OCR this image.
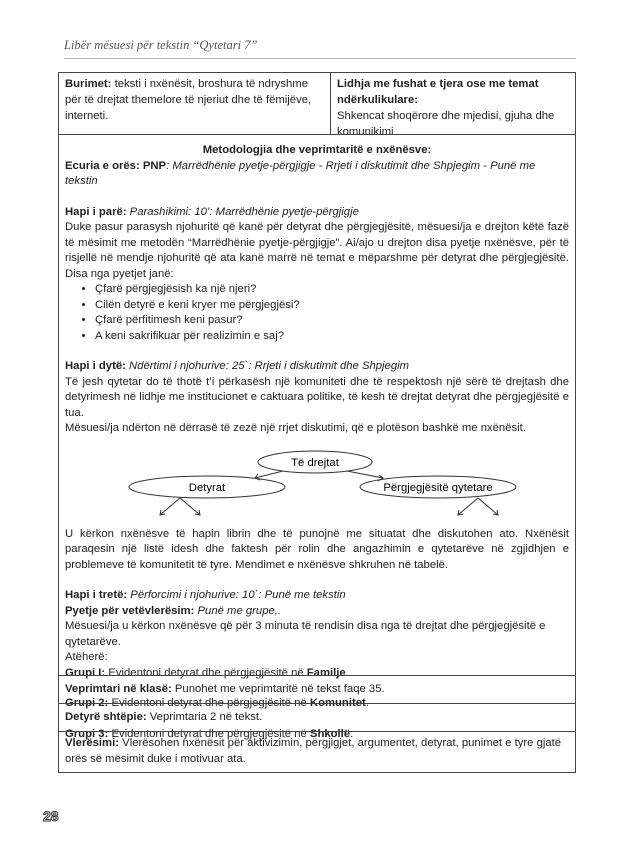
Libër mësuesi për tekstin “Qytetari 7”
Burimet: teksti i nxënësit, broshura të ndryshme për të drejtat themelore të njeriut dhe të fëmijëve, interneti.
Lidhja me fushat e tjera ose me temat ndërkulikulare:
Shkencat shoqërore dhe mjedisi, gjuha dhe komunikimi.

Metodologjia dhe veprimtaritë e nxënësve:

Ecuria e orës: PNP: Marrëdhënie pyetje-përgjigje - Rrjeti i diskutimit dhe Shpjegim - Punë me tekstin

Hapi i parë: Parashikimi: 10’: Marrëdhënie pyetje-përgjigje

Duke pasur parasysh njohuritë që kanë për detyrat dhe përgjegjësitë, mësuesi/ja e drejton këtë fazë të mësimit me metodën “Marrëdhënie pyetje-përgjigje”. Ai/ajo u drejton disa pyetje nxënësve, për të risjellë në mendje njohuritë që ata kanë marrë në temat e mëparshme për detyrat dhe përgjegjësitë. Disa nga pyetjet janë:

• Çfarë përgjegjësish ka një njeri?
• Cilën detyrë e keni kryer me përgjegjësi?
• Çfarë përfitimesh keni pasur?
• A keni sakrifikuar për realizimin e saj?

Hapi i dytë: Ndërtimi i njohurive: 25`: Rrjeti i diskutimit dhe Shpjegim

Të jesh qytetar do të thotë t’i përkasësh një komuniteti dhe të respektosh një sërë të drejtash dhe detyrimesh në lidhje me institucionet e caktuara politike, të kesh të drejtat detyrat dhe përgjegjësitë e tua.

Mësuesi/ja ndërton në dërrasë të zezë një rrjet diskutimi, që e plotëson bashkë me nxënësit.

Të drejtat
Detyrat	Përgjegjësitë qytetare

U kërkon nxënësve të hapin librin dhe të punojnë me situatat dhe diskutohen ato. Nxënësit paraqesin një listë idesh dhe faktesh për rolin dhe angazhimin e qytetarëve në zgjidhjen e problemeve të komunitetit të tyre. Mendimet e nxënësve shkruhen në tabelë.

Hapi i tretë: Përforcimi i njohurive: 10`: Punë me tekstin

Pyetje për vetëvlerësim: Punë me grupe,.

Mësuesi/ja u kërkon nxënësve që për 3 minuta të rendisin disa nga të drejtat dhe përgjegjësitë e qytetarëve.

Atëherë:

Grupi I: Evidentoni detyrat dhe përgjegjësitë në Familje.

Grupi 2: Evidentoni detyrat dhe përgjegjësitë në Komunitet.

Grupi 3: Evidentoni detyrat dhe përgjegjësitë në Shkollë.

Veprimtari në klasë: Punohet me veprimtaritë në tekst faqe 35.
Detyrë shtëpie: Veprimtaria 2 në tekst.
Vlerësimi: Vlerësohen nxënësit për aktivizimin, përgjigjet, argumentet, detyrat, punimet e tyre gjatë orës së mësimit duke i motivuar ata.
28
